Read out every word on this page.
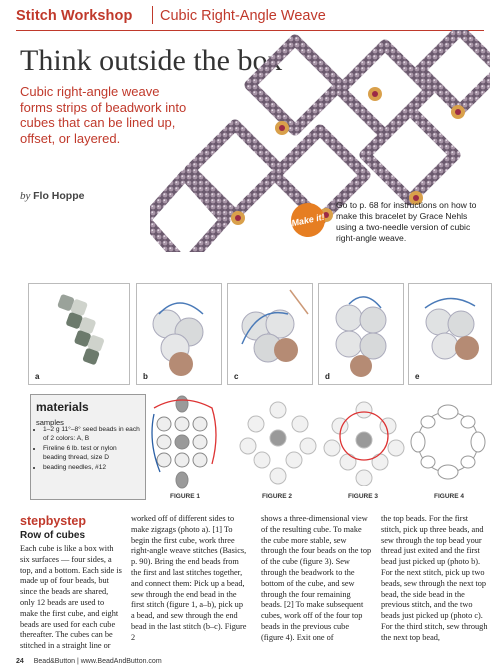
Stitch Workshop Cubic Right-Angle Weave
Think outside the box
Cubic right-angle weave forms strips of beadwork into cubes that can be lined up, offset, or layered.
by Flo Hoppe
Make it!
Go to p. 68 for instructions on how to make this bracelet by Grace Nehls using a two-needle version of cubic right-angle weave.
a	b	c	d	e
materials
samples
• 1–2 g 11°–8° seed beads in each of 2 colors: A, B
• Fireline 6 lb. test or nylon beading thread, size D
• beading needles, #12
FIGURE 1	FIGURE 2	FIGURE 3	FIGURE 4
stepbystep
Row of cubes
Each cube is like a box with six surfaces — four sides, a top, and a bottom. Each side is made up of four beads, but since the beads are shared, only 12 beads are used to make the first cube, and eight beads are used for each cube thereafter. The cubes can be stitched in a straight line or
worked off of different sides to make zigzags (photo a). [1] To begin the first cube, work three right-angle weave stitches (Basics, p. 90). Bring the end beads from the first and last stitches together, and connect them: Pick up a bead, sew through the end bead in the first stitch (figure 1, a–b), pick up a bead, and sew through the end bead in the last stitch (b–c). Figure 2
shows a three-dimensional view of the resulting cube. To make the cube more stable, sew through the four beads on the top of the cube (figure 3). Sew through the beadwork to the bottom of the cube, and sew through the four remaining beads. [2] To make subsequent cubes, work off of the four top beads in the previous cube (figure 4). Exit one of
the top beads. For the first stitch, pick up three beads, and sew through the top bead your thread just exited and the first bead just picked up (photo b). For the next stitch, pick up two beads, sew through the next top bead, the side bead in the previous stitch, and the two beads just picked up (photo c). For the third stitch, sew through the next top bead,
24 Bead&Button | www.BeadAndButton.com
